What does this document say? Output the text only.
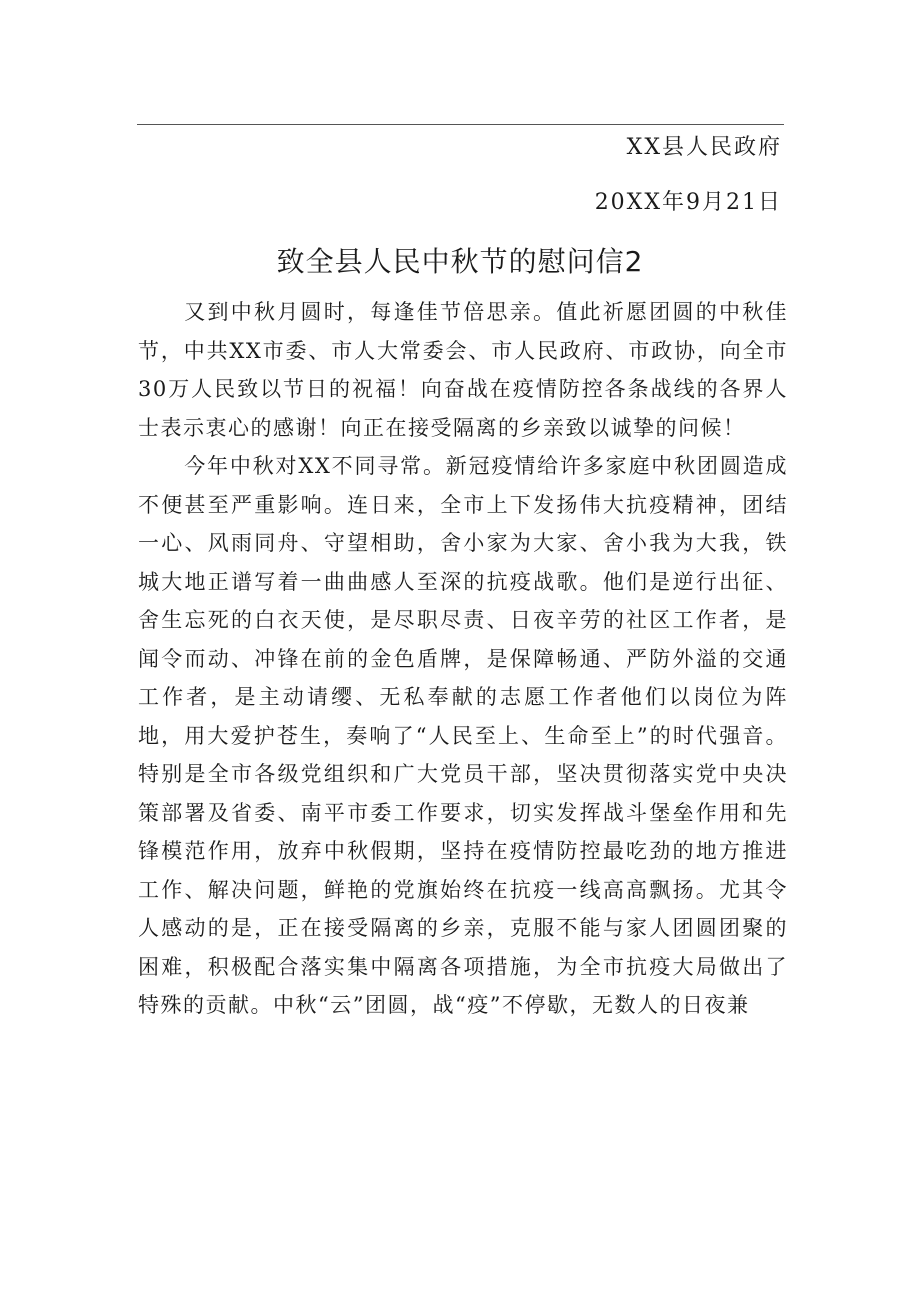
XX县人民政府
20XX年9月21日
致全县人民中秋节的慰问信2

又到中秋月圆时，每逢佳节倍思亲。值此祈愿团圆的中秋佳节，中共XX市委、市人大常委会、市人民政府、市政协，向全市30万人民致以节日的祝福！向奋战在疫情防控各条战线的各界人士表示衷心的感谢！向正在接受隔离的乡亲致以诚挚的问候！

今年中秋对XX不同寻常。新冠疫情给许多家庭中秋团圆造成不便甚至严重影响。连日来，全市上下发扬伟大抗疫精神，团结一心、风雨同舟、守望相助，舍小家为大家、舍小我为大我，铁城大地正谱写着一曲曲感人至深的抗疫战歌。他们是逆行出征、舍生忘死的白衣天使，是尽职尽责、日夜辛劳的社区工作者，是闻令而动、冲锋在前的金色盾牌，是保障畅通、严防外溢的交通工作者，是主动请缨、无私奉献的志愿工作者他们以岗位为阵地，用大爱护苍生，奏响了“人民至上、生命至上”的时代强音。特别是全市各级党组织和广大党员干部，坚决贯彻落实党中央决策部署及省委、南平市委工作要求，切实发挥战斗堡垒作用和先锋模范作用，放弃中秋假期，坚持在疫情防控最吃劲的地方推进工作、解决问题，鲜艳的党旗始终在抗疫一线高高飘扬。尤其令人感动的是，正在接受隔离的乡亲，克服不能与家人团圆团聚的困难，积极配合落实集中隔离各项措施，为全市抗疫大局做出了特殊的贡献。中秋“云”团圆，战“疫”不停歇，无数人的日夜兼
